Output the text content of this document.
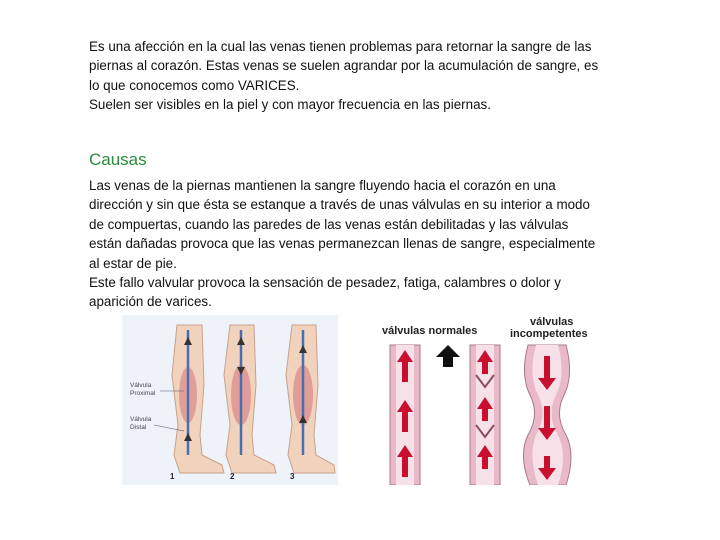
Es una afección en la cual las venas tienen problemas para retornar la sangre de las
piernas al corazón. Estas venas se suelen agrandar por la acumulación de sangre, es
lo que conocemos como VARICES.
Suelen ser visibles en la piel y con mayor frecuencia en las piernas.
Causas
Las venas de la piernas mantienen la sangre fluyendo hacia el corazón en una
dirección y sin que ésta se estanque a través de unas válvulas en su interior a modo
de compuertas, cuando las paredes de las venas están debilitadas y las válvulas
están dañadas provoca que las venas permanezcan llenas de sangre, especialmente
al estar de pie.
Este fallo valvular provoca la sensación de pesadez, fatiga, calambres o dolor y
aparición de varices.
Válvula
Proximal
Válvula
Distal
1	2	3
válvulas normales
válvulas
incompetentes
